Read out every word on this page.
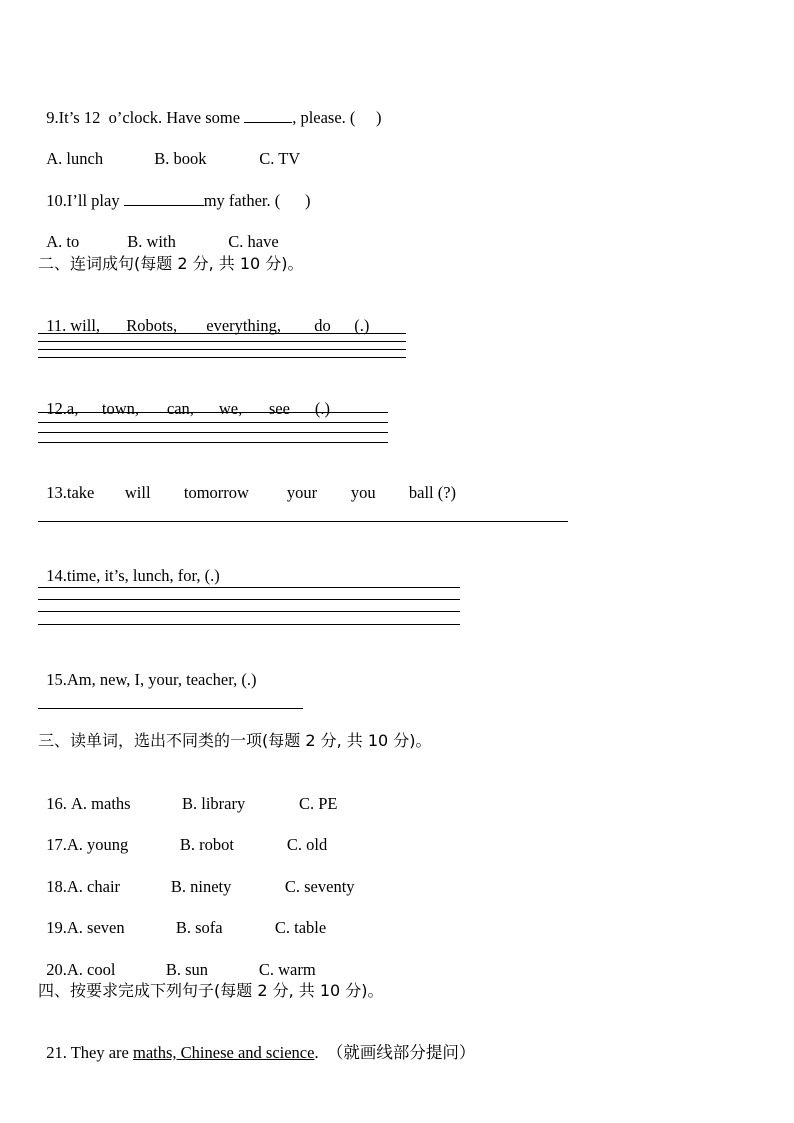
9.It’s 12  o’clock. Have some	, please. (     )

A. lunch	B. book	C. TV

10.I’ll play	my father. (      )

A. to	B. with	C. have

二、连词成句(每题 2 分, 共 10 分)。

11. will, Robots, everything, do (.)

12.a, town, can, we, see (.)

13.take will tomorrow your you ball (?)

14.time, it’s, lunch, for, (.)

15.Am, new, I, your, teacher, (.)

三、读单词，选出不同类的一项(每题 2 分, 共 10 分)。

16. A. maths	B. library	C. PE

17.A. young	B. robot	C. old

18.A. chair	B. ninety	C. seventy

19.A. seven	B. sofa	C. table

20.A. cool	B. sun	C. warm

四、按要求完成下列句子(每题 2 分, 共 10 分)。

21. They are maths, Chinese and science.  （就画线部分提问）
